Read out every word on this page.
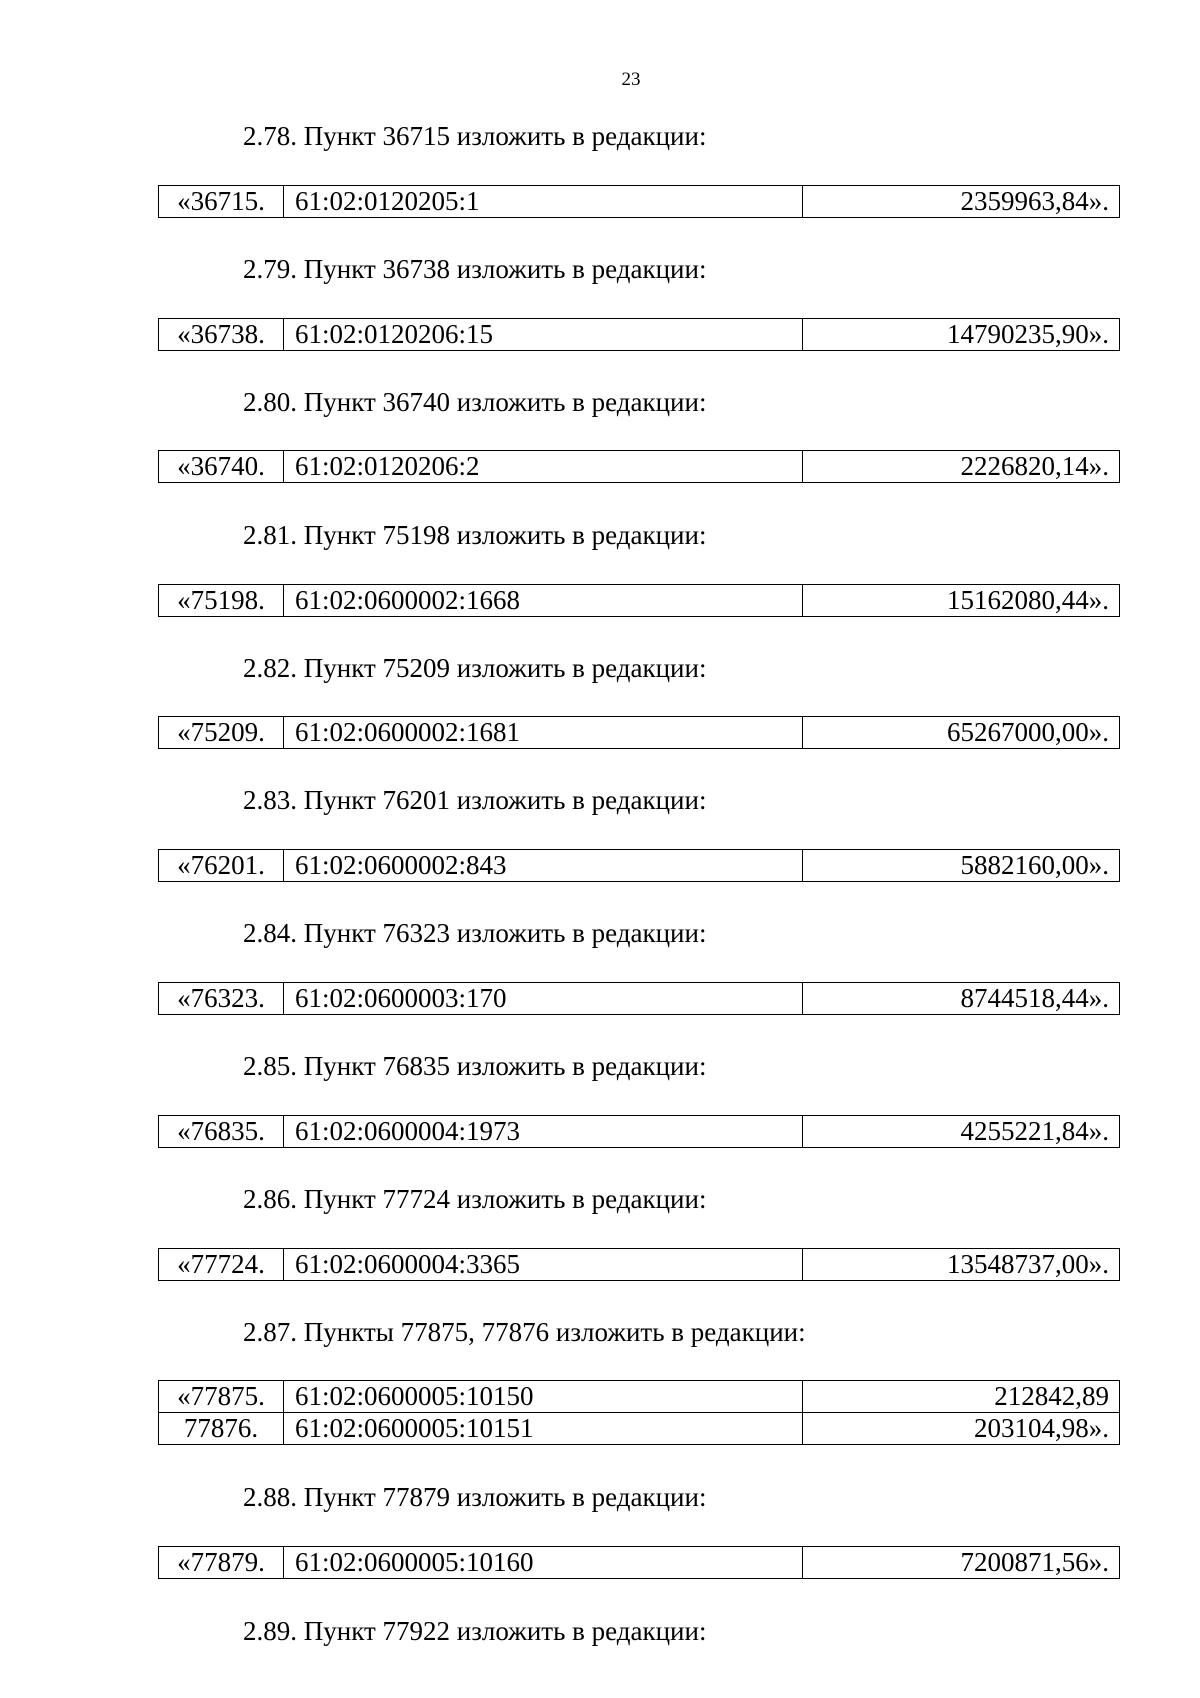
23
2.78. Пункт 36715 изложить в редакции:
«36715.	61:02:0120205:1	2359963,84».
2.79. Пункт 36738 изложить в редакции:
«36738.	61:02:0120206:15	14790235,90».
2.80. Пункт 36740 изложить в редакции:
«36740.	61:02:0120206:2	2226820,14».
2.81. Пункт 75198 изложить в редакции:
«75198.	61:02:0600002:1668	15162080,44».
2.82. Пункт 75209 изложить в редакции:
«75209.	61:02:0600002:1681	65267000,00».
2.83. Пункт 76201 изложить в редакции:
«76201.	61:02:0600002:843	5882160,00».
2.84. Пункт 76323 изложить в редакции:
«76323.	61:02:0600003:170	8744518,44».
2.85. Пункт 76835 изложить в редакции:
«76835.	61:02:0600004:1973	4255221,84».
2.86. Пункт 77724 изложить в редакции:
«77724.	61:02:0600004:3365	13548737,00».
2.87. Пункты 77875, 77876 изложить в редакции:
«77875.	61:02:0600005:10150	212842,89
77876.	61:02:0600005:10151	203104,98».
2.88. Пункт 77879 изложить в редакции:
«77879.	61:02:0600005:10160	7200871,56».
2.89. Пункт 77922 изложить в редакции:
